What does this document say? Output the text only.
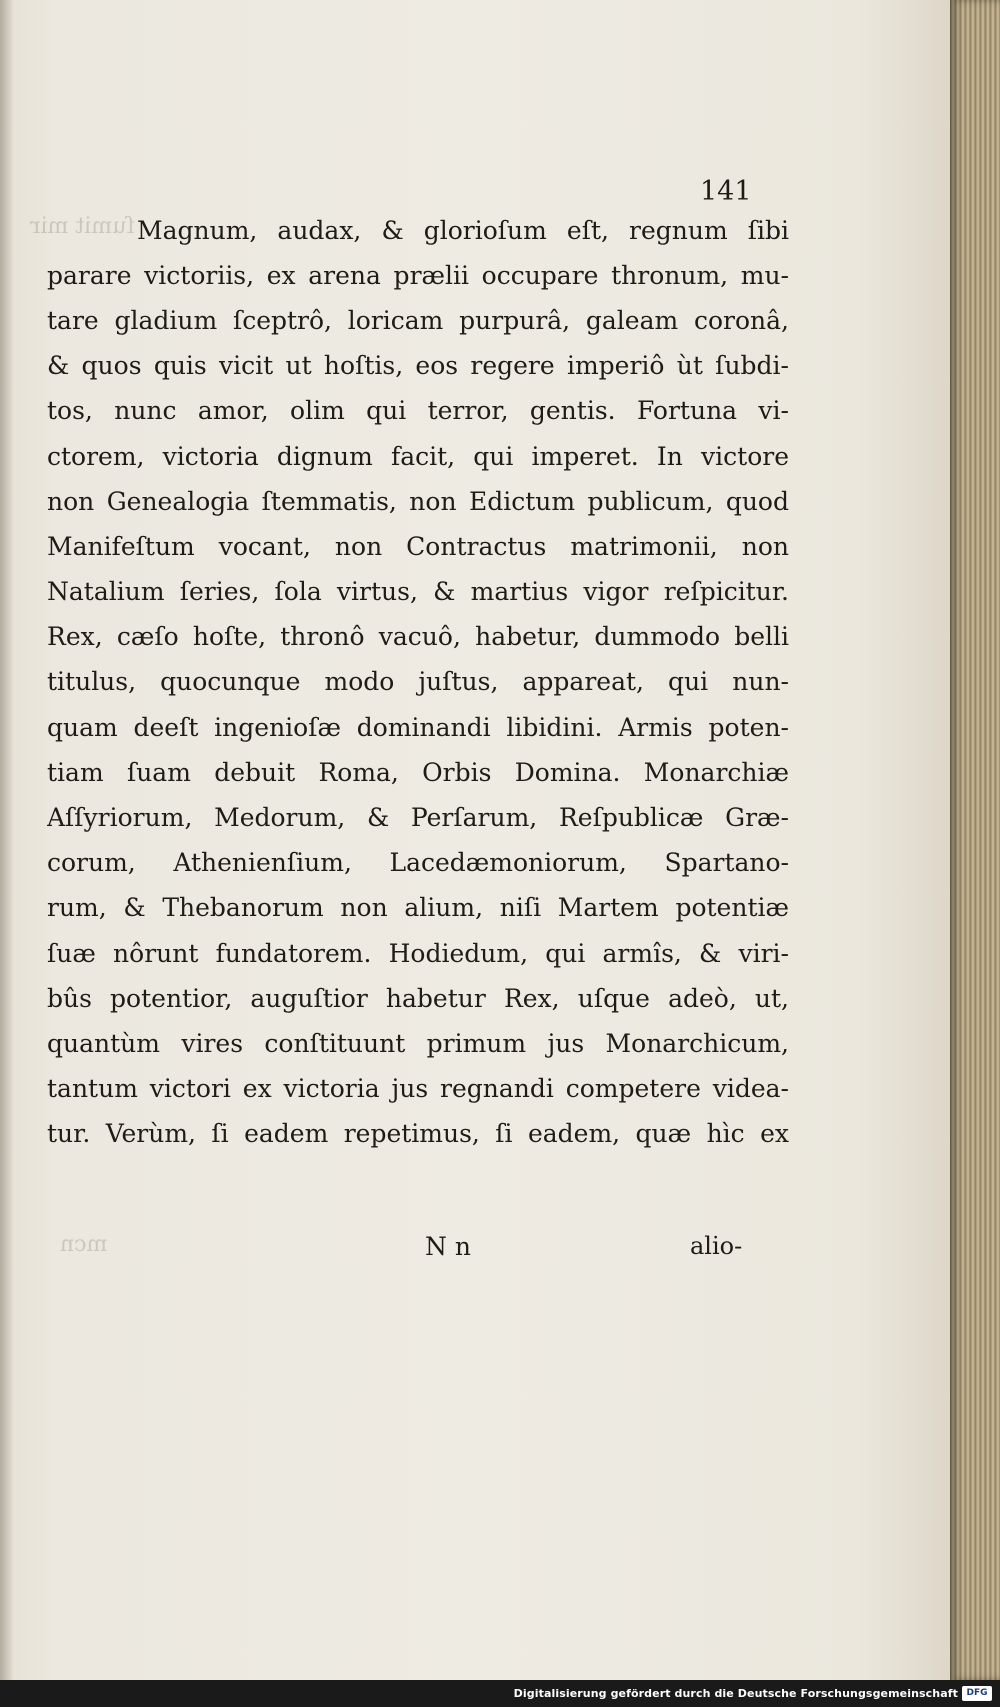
ſumit mir
mcn
141
Magnum, audax, & glorioſum eſt, regnum ſibi
parare victoriis, ex arena prælii occupare thronum, mu-
tare gladium ſceptrô, loricam purpurâ, galeam coronâ,
& quos quis vicit ut hoſtis, eos regere imperiô ùt ſubdi-
tos, nunc amor, olim qui terror, gentis. Fortuna vi-
ctorem, victoria dignum facit, qui imperet. In victore
non Genealogia ſtemmatis, non Edictum publicum, quod
Manifeſtum vocant, non Contractus matrimonii, non
Natalium ſeries, ſola virtus, & martius vigor reſpicitur.
Rex, cæſo hoſte, thronô vacuô, habetur, dummodo belli
titulus, quocunque modo juſtus, appareat, qui nun-
quam deeſt ingenioſæ dominandi libidini. Armis poten-
tiam ſuam debuit Roma, Orbis Domina. Monarchiæ
Aſſyriorum, Medorum, & Perſarum, Reſpublicæ Græ-
corum, Athenienſium, Lacedæmoniorum, Spartano-
rum, & Thebanorum non alium, niſi Martem potentiæ
ſuæ nôrunt fundatorem. Hodiedum, qui armîs, & viri-
bûs potentior, auguſtior habetur Rex, uſque adeò, ut,
quantùm vires conſtituunt primum jus Monarchicum,
tantum victori ex victoria jus regnandi competere videa-
tur. Verùm, ſi eadem repetimus, ſi eadem, quæ hìc ex
N n	alio-
Digitalisierung gefördert durch die Deutsche Forschungsgemeinschaft DFG
